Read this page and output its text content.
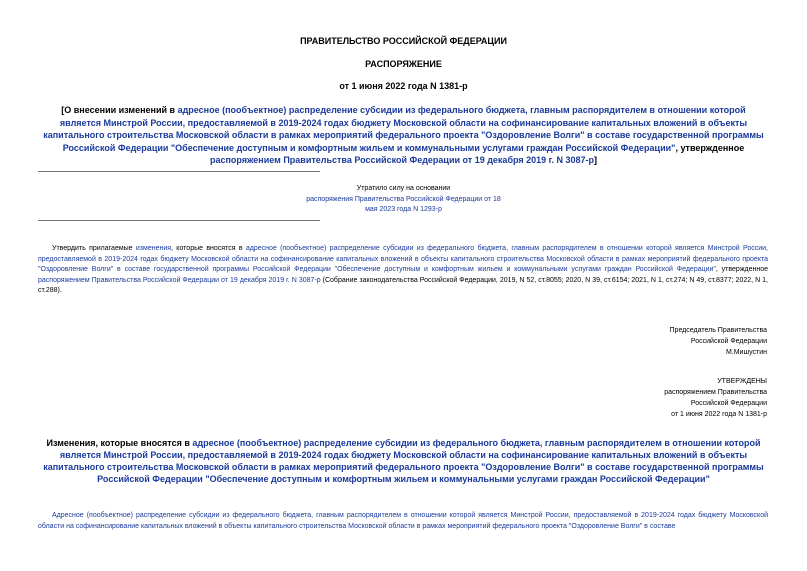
ПРАВИТЕЛЬСТВО РОССИЙСКОЙ ФЕДЕРАЦИИ
РАСПОРЯЖЕНИЕ
от 1 июня 2022 года N 1381-р
[О внесении изменений в адресное (пообъектное) распределение субсидии из федерального бюджета, главным распорядителем в отношении которой является Минстрой России, предоставляемой в 2019-2024 годах бюджету Московской области на софинансирование капитальных вложений в объекты капитального строительства Московской области в рамках мероприятий федерального проекта "Оздоровление Волги" в составе государственной программы Российской Федерации "Обеспечение доступным и комфортным жильем и коммунальными услугами граждан Российской Федерации", утвержденное распоряжением Правительства Российской Федерации от 19 декабря 2019 г. N 3087-р]
Утратило силу на основании
распоряжения Правительства Российской Федерации от 18 мая 2023 года N 1293-р
Утвердить прилагаемые изменения, которые вносятся в адресное (пообъектное) распределение субсидии из федерального бюджета, главным распорядителем в отношении которой является Минстрой России, предоставляемой в 2019-2024 годах бюджету Московской области на софинансирование капитальных вложений в объекты капитального строительства Московской области в рамках мероприятий федерального проекта "Оздоровление Волги" в составе государственной программы Российской Федерации "Обеспечение доступным и комфортным жильем и коммунальными услугами граждан Российской Федерации", утвержденное распоряжением Правительства Российской Федерации от 19 декабря 2019 г. N 3087-р (Собрание законодательства Российской Федерации, 2019, N 52, ст.8055; 2020, N 39, ст.6154; 2021, N 1, ст.274; N 49, ст.8377; 2022, N 1, ст.288).
Председатель Правительства
Российской Федерации
М.Мишустин
УТВЕРЖДЕНЫ
распоряжением Правительства
Российской Федерации
от 1 июня 2022 года N 1381-р
Изменения, которые вносятся в адресное (пообъектное) распределение субсидии из федерального бюджета, главным распорядителем в отношении которой является Минстрой России, предоставляемой в 2019-2024 годах бюджету Московской области на софинансирование капитальных вложений в объекты капитального строительства Московской области в рамках мероприятий федерального проекта "Оздоровление Волги" в составе государственной программы Российской Федерации "Обеспечение доступным и комфортным жильем и коммунальными услугами граждан Российской Федерации"
Адресное (пообъектное) распределение субсидии из федерального бюджета, главным распорядителем в отношении которой является Минстрой России, предоставляемой в 2019-2024 годах бюджету Московской области на софинансирование капитальных вложений в объекты капитального строительства Московской области в рамках мероприятий федерального проекта "Оздоровление Волги" в составе
